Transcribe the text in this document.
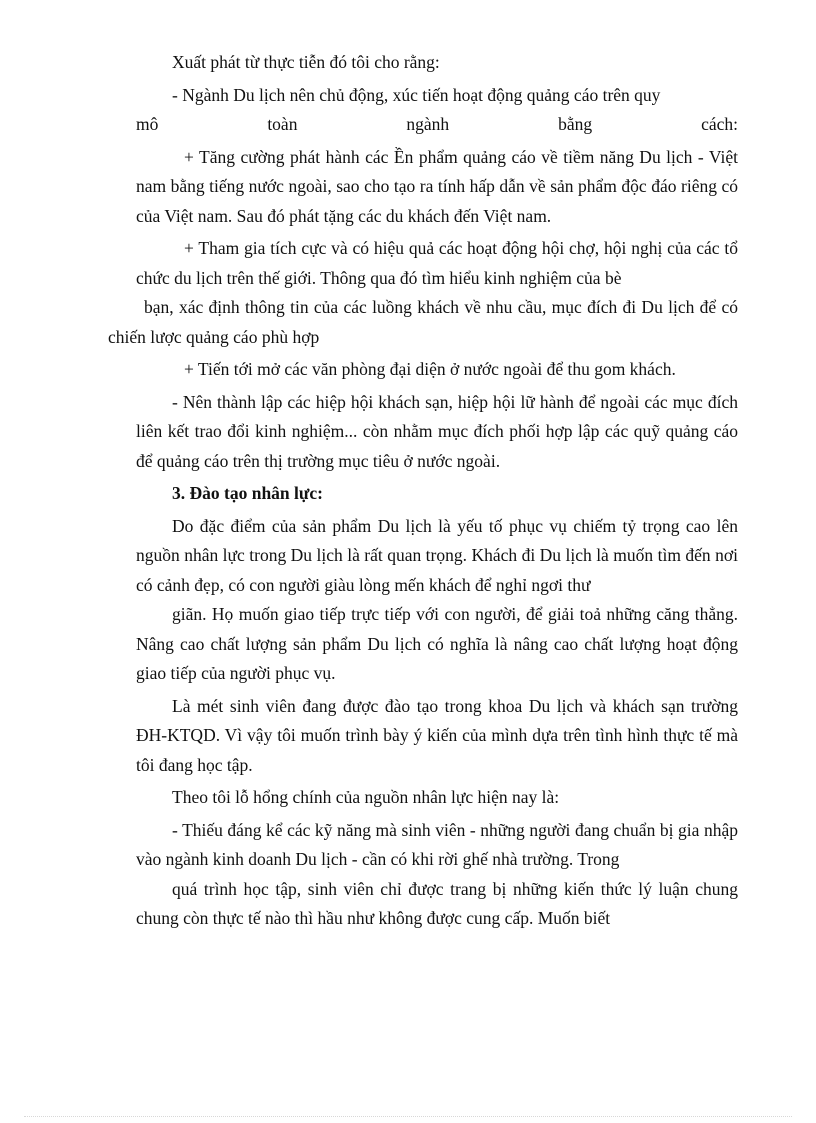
Xuất phát từ thực tiễn đó tôi cho rằng:

- Ngành Du lịch nên chủ động, xúc tiến hoạt động quảng cáo trên quy

mô	toàn	ngành	bằng	cách:

+ Tăng cường phát hành các Ền phẩm quảng cáo về tiềm năng Du lịch - Việt nam bằng tiếng nước ngoài, sao cho tạo ra tính hấp dẫn về sản phẩm độc đáo riêng có của Việt nam. Sau đó phát tặng các du khách đến Việt nam.

+ Tham gia tích cực và có hiệu quả các hoạt động hội chợ, hội nghị của các tổ chức du lịch trên thế giới. Thông qua đó tìm hiểu kinh nghiệm của bè

bạn, xác định thông tin của các luồng khách về nhu cầu, mục đích đi Du lịch để có chiến lược quảng cáo phù hợp

+ Tiến tới mở các văn phòng đại diện ở nước ngoài để thu gom khách.

- Nên thành lập các hiệp hội khách sạn, hiệp hội lữ hành để ngoài các mục đích liên kết trao đổi kinh nghiệm... còn nhằm mục đích phối hợp lập các quỹ quảng cáo để quảng cáo trên thị trường mục tiêu ở nước ngoài.

3. Đào tạo nhân lực:

Do đặc điểm của sản phẩm Du lịch là yếu tố phục vụ chiếm tỷ trọng cao lên nguồn nhân lực trong Du lịch là rất quan trọng. Khách đi Du lịch là muốn tìm đến nơi có cảnh đẹp, có con người giàu lòng mến khách để nghỉ ngơi thư

giãn. Họ muốn giao tiếp trực tiếp với con người, để giải toả những căng thẳng. Nâng cao chất lượng sản phẩm Du lịch có nghĩa là nâng cao chất lượng hoạt động giao tiếp của người phục vụ.

Là mét sinh viên đang được đào tạo trong khoa Du lịch và khách sạn trường ĐH-KTQD. Vì vậy tôi muốn trình bày ý kiến của mình dựa trên tình hình thực tế mà tôi đang học tập.

Theo tôi lỗ hổng chính của nguồn nhân lực hiện nay là:

- Thiếu đáng kể các kỹ năng mà sinh viên - những người đang chuẩn bị gia nhập vào ngành kinh doanh Du lịch - cần có khi rời ghế nhà trường. Trong

quá trình học tập, sinh viên chỉ được trang bị những kiến thức lý luận chung chung còn thực tế nào thì hầu như không được cung cấp. Muốn biết
